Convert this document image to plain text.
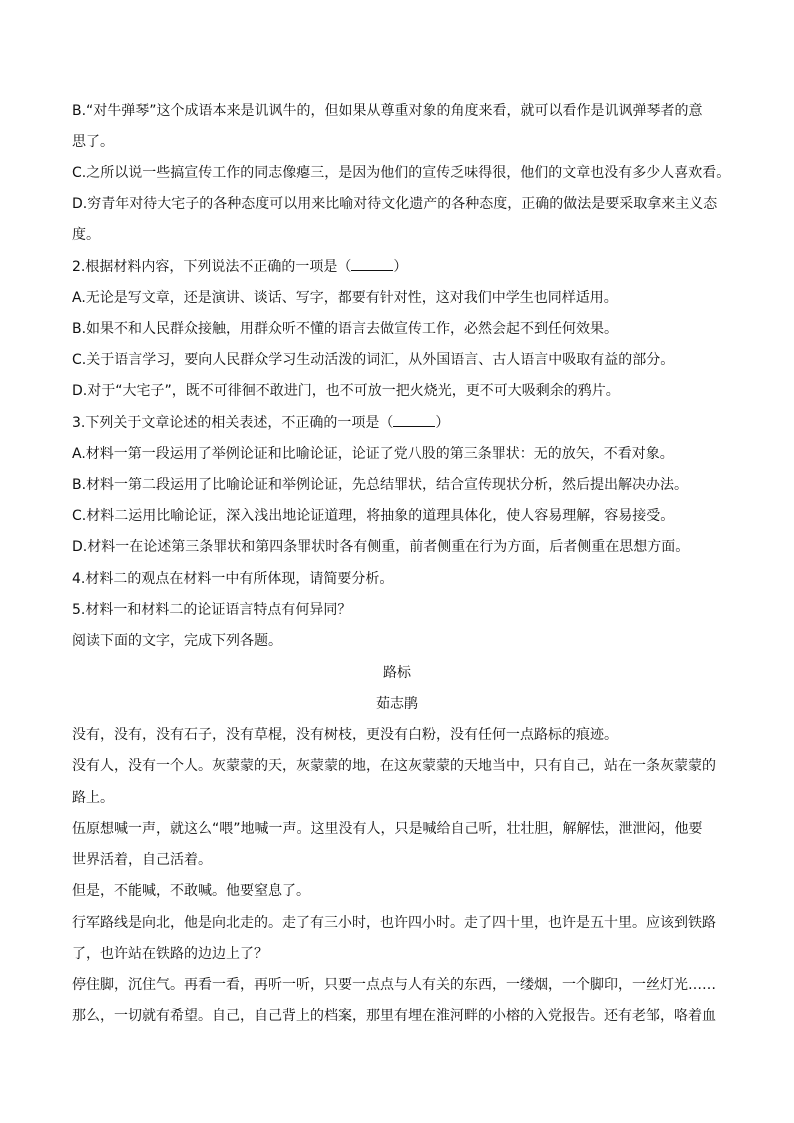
B.“对牛弹琴”这个成语本来是讥讽牛的，但如果从尊重对象的角度来看，就可以看作是讥讽弹琴者的意
思了。
C.之所以说一些搞宣传工作的同志像瘪三，是因为他们的宣传乏味得很，他们的文章也没有多少人喜欢看。
D.穷青年对待大宅子的各种态度可以用来比喻对待文化遗产的各种态度，正确的做法是要采取拿来主义态
度。
2.根据材料内容，下列说法不正确的一项是（	）
A.无论是写文章，还是演讲、谈话、写字，都要有针对性，这对我们中学生也同样适用。
B.如果不和人民群众接触，用群众听不懂的语言去做宣传工作，必然会起不到任何效果。
C.关于语言学习，要向人民群众学习生动活泼的词汇，从外国语言、古人语言中吸取有益的部分。
D.对于“大宅子”，既不可徘徊不敢进门，也不可放一把火烧光，更不可大吸剩余的鸦片。
3.下列关于文章论述的相关表述，不正确的一项是（	）
A.材料一第一段运用了举例论证和比喻论证，论证了党八股的第三条罪状：无的放矢，不看对象。
B.材料一第二段运用了比喻论证和举例论证，先总结罪状，结合宣传现状分析，然后提出解决办法。
C.材料二运用比喻论证，深入浅出地论证道理，将抽象的道理具体化，使人容易理解，容易接受。
D.材料一在论述第三条罪状和第四条罪状时各有侧重，前者侧重在行为方面，后者侧重在思想方面。
4.材料二的观点在材料一中有所体现，请简要分析。
5.材料一和材料二的论证语言特点有何异同？
阅读下面的文字，完成下列各题。
路标
茹志鹃
没有，没有，没有石子，没有草棍，没有树枝，更没有白粉，没有任何一点路标的痕迹。
没有人，没有一个人。灰蒙蒙的天，灰蒙蒙的地，在这灰蒙蒙的天地当中，只有自己，站在一条灰蒙蒙的
路上。
伍原想喊一声，就这么“喂”地喊一声。这里没有人，只是喊给自己听，壮壮胆，解解怯，泄泄闷，他要
世界活着，自己活着。
但是，不能喊，不敢喊。他要窒息了。
行军路线是向北，他是向北走的。走了有三小时，也许四小时。走了四十里，也许是五十里。应该到铁路
了，也许站在铁路的边边上了？
停住脚，沉住气。再看一看，再听一听，只要一点点与人有关的东西，一缕烟，一个脚印，一丝灯光……
那么，一切就有希望。自己，自己背上的档案，那里有埋在淮河畔的小榕的入党报告。还有老邹，咯着血
